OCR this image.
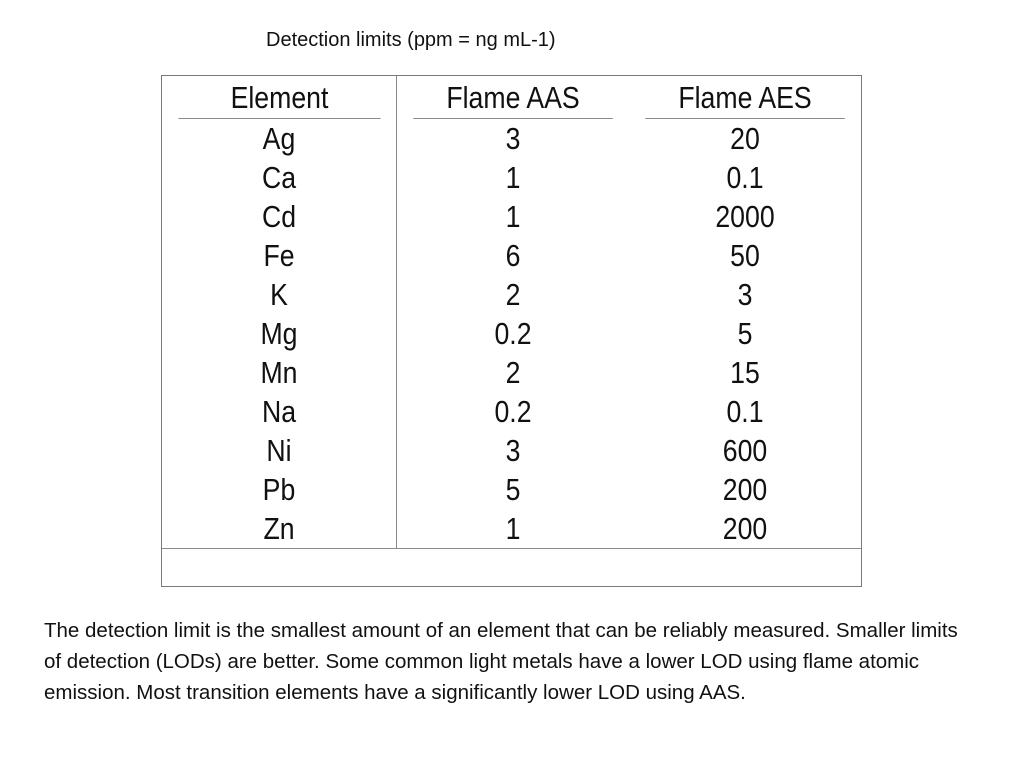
Detection limits (ppm = ng mL-1)
Element
Ag
Ca
Cd
Fe
K
Mg
Mn
Na
Ni
Pb
Zn
Flame AAS
3
1
1
6
2
0.2
2
0.2
3
5
1
Flame AES
20
0.1
2000
50
3
5
15
0.1
600
200
200
The detection limit is the smallest amount of an element that can be reliably measured. Smaller limits of detection (LODs) are better. Some common light metals have a lower LOD using flame atomic emission. Most transition elements have a significantly lower LOD using AAS.
